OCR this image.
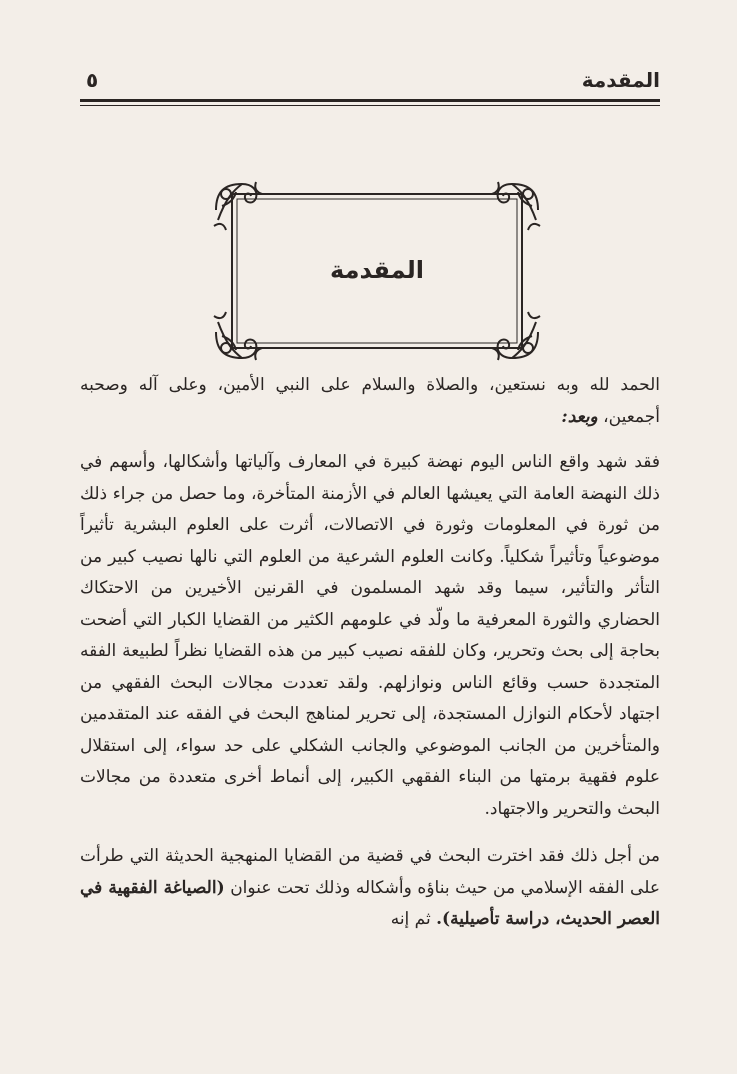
المقدمة
٥
المقدمة

الحمد لله وبه نستعين، والصلاة والسلام على النبي الأمين، وعلى آله وصحبه أجمعين، وبعد:

فقد شهد واقع الناس اليوم نهضة كبيرة في المعارف وآلياتها وأشكالها، وأسهم في ذلك النهضة العامة التي يعيشها العالم في الأزمنة المتأخرة، وما حصل من جراء ذلك من ثورة في المعلومات وثورة في الاتصالات، أثرت على العلوم البشرية تأثيراً موضوعياً وتأثيراً شكلياً. وكانت العلوم الشرعية من العلوم التي نالها نصيب كبير من التأثر والتأثير، سيما وقد شهد المسلمون في القرنين الأخيرين من الاحتكاك الحضاري والثورة المعرفية ما ولّد في علومهم الكثير من القضايا الكبار التي أضحت بحاجة إلى بحث وتحرير، وكان للفقه نصيب كبير من هذه القضايا نظراً لطبيعة الفقه المتجددة حسب وقائع الناس ونوازلهم. ولقد تعددت مجالات البحث الفقهي من اجتهاد لأحكام النوازل المستجدة، إلى تحرير لمناهج البحث في الفقه عند المتقدمين والمتأخرين من الجانب الموضوعي والجانب الشكلي على حد سواء، إلى استقلال علوم فقهية برمتها من البناء الفقهي الكبير، إلى أنماط أخرى متعددة من مجالات البحث والتحرير والاجتهاد.

من أجل ذلك فقد اخترت البحث في قضية من القضايا المنهجية الحديثة التي طرأت على الفقه الإسلامي من حيث بناؤه وأشكاله وذلك تحت عنوان (الصياغة الفقهية في العصر الحديث، دراسة تأصيلية). ثم إنه
